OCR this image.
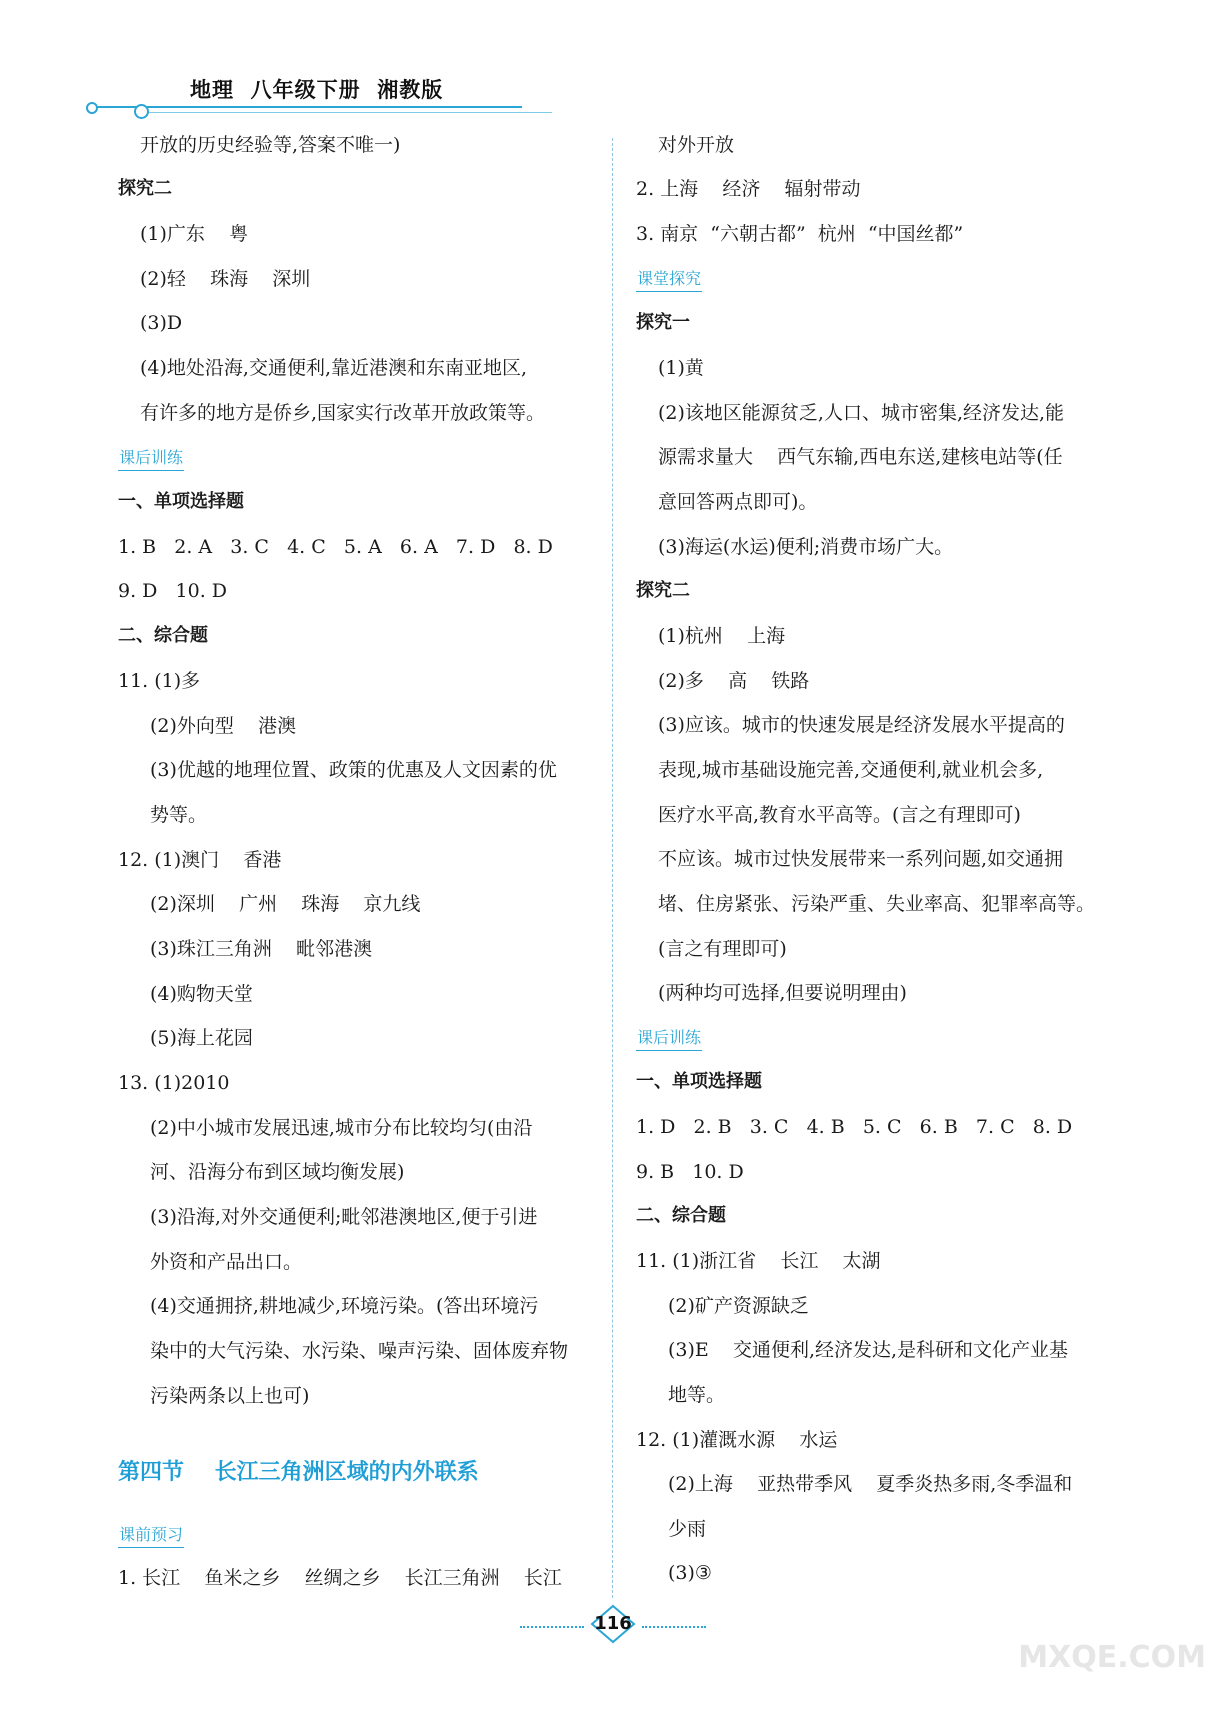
地理  八年级下册  湘教版
开放的历史经验等,答案不唯一)
探究二
(1)广东    粤
(2)轻    珠海    深圳
(3)D
(4)地处沿海,交通便利,靠近港澳和东南亚地区,
有许多的地方是侨乡,国家实行改革开放政策等。
课后训练
一、单项选择题
1. B   2. A   3. C   4. C   5. A   6. A   7. D   8. D
9. D   10. D
二、综合题
11. (1)多
(2)外向型    港澳
(3)优越的地理位置、政策的优惠及人文因素的优
势等。
12. (1)澳门    香港
(2)深圳    广州    珠海    京九线
(3)珠江三角洲    毗邻港澳
(4)购物天堂
(5)海上花园
13. (1)2010
(2)中小城市发展迅速,城市分布比较均匀(由沿
河、沿海分布到区域均衡发展)
(3)沿海,对外交通便利;毗邻港澳地区,便于引进
外资和产品出口。
(4)交通拥挤,耕地减少,环境污染。(答出环境污
染中的大气污染、水污染、噪声污染、固体废弃物
污染两条以上也可)
第四节    长江三角洲区域的内外联系
课前预习
1. 长江    鱼米之乡    丝绸之乡    长江三角洲    长江
对外开放
2. 上海    经济    辐射带动
3. 南京  “六朝古都”  杭州  “中国丝都”
课堂探究
探究一
(1)黄
(2)该地区能源贫乏,人口、城市密集,经济发达,能
源需求量大    西气东输,西电东送,建核电站等(任
意回答两点即可)。
(3)海运(水运)便利;消费市场广大。
探究二
(1)杭州    上海
(2)多    高    铁路
(3)应该。城市的快速发展是经济发展水平提高的
表现,城市基础设施完善,交通便利,就业机会多,
医疗水平高,教育水平高等。(言之有理即可)
不应该。城市过快发展带来一系列问题,如交通拥
堵、住房紧张、污染严重、失业率高、犯罪率高等。
(言之有理即可)
(两种均可选择,但要说明理由)
课后训练
一、单项选择题
1. D   2. B   3. C   4. B   5. C   6. B   7. C   8. D
9. B   10. D
二、综合题
11. (1)浙江省    长江    太湖
(2)矿产资源缺乏
(3)E    交通便利,经济发达,是科研和文化产业基
地等。
12. (1)灌溉水源    水运
(2)上海    亚热带季风    夏季炎热多雨,冬季温和
少雨
(3)③
116
MXQE.COM
